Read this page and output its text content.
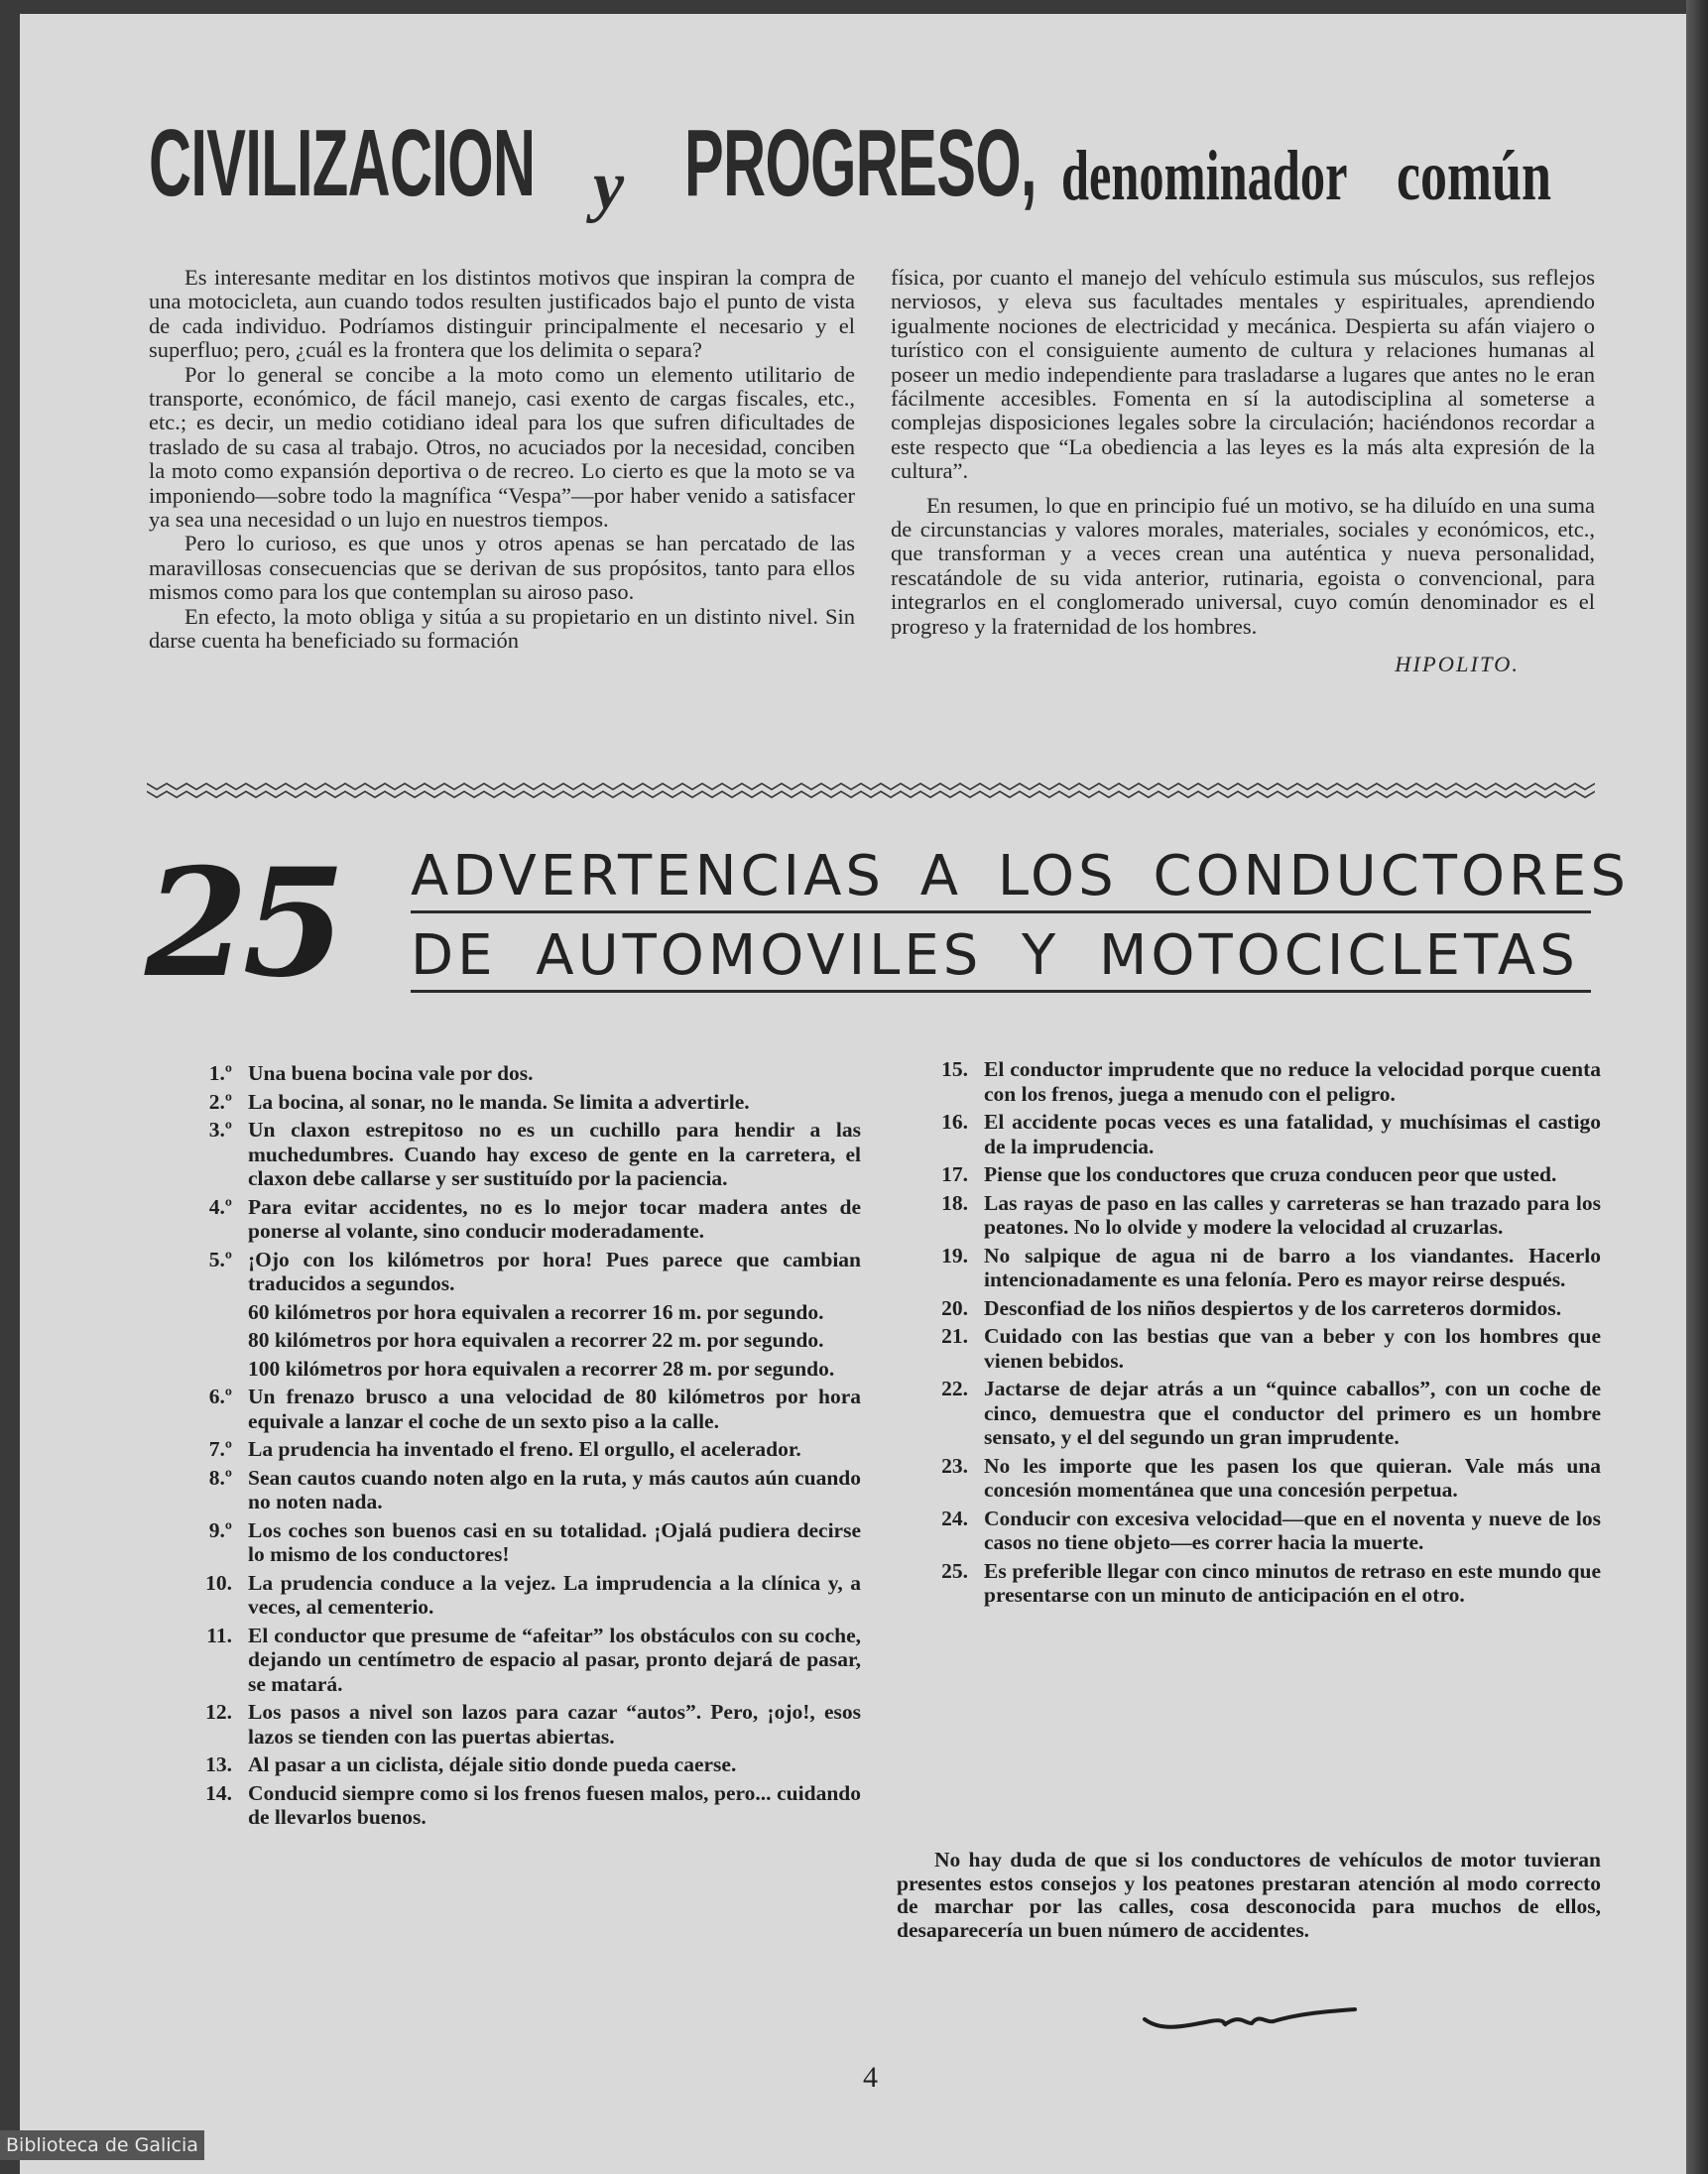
CIVILIZACION y PROGRESO, denominador común

Es interesante meditar en los distintos motivos que inspiran la compra de una motocicleta, aun cuando todos resulten justificados bajo el punto de vista de cada individuo. Podríamos distinguir principalmente el necesario y el superfluo; pero, ¿cuál es la frontera que los delimita o separa?

Por lo general se concibe a la moto como un elemento utilitario de transporte, económico, de fácil manejo, casi exento de cargas fiscales, etc., etc.; es decir, un medio cotidiano ideal para los que sufren dificultades de traslado de su casa al trabajo. Otros, no acuciados por la necesidad, conciben la moto como expansión deportiva o de recreo. Lo cierto es que la moto se va imponiendo—sobre todo la magnífica “Vespa”—por haber venido a satisfacer ya sea una necesidad o un lujo en nuestros tiempos.

Pero lo curioso, es que unos y otros apenas se han percatado de las maravillosas consecuencias que se derivan de sus propósitos, tanto para ellos mismos como para los que contemplan su airoso paso.

En efecto, la moto obliga y sitúa a su propietario en un distinto nivel. Sin darse cuenta ha beneficiado su formación

física, por cuanto el manejo del vehículo estimula sus músculos, sus reflejos nerviosos, y eleva sus facultades mentales y espirituales, aprendiendo igualmente nociones de electricidad y mecánica. Despierta su afán viajero o turístico con el consiguiente aumento de cultura y relaciones humanas al poseer un medio independiente para trasladarse a lugares que antes no le eran fácilmente accesibles. Fomenta en sí la autodisciplina al someterse a complejas disposiciones legales sobre la circulación; haciéndonos recordar a este respecto que “La obediencia a las leyes es la más alta expresión de la cultura”.

En resumen, lo que en principio fué un motivo, se ha diluído en una suma de circunstancias y valores morales, materiales, sociales y económicos, etc., que transforman y a veces crean una auténtica y nueva personalidad, rescatándole de su vida anterior, rutinaria, egoista o convencional, para integrarlos en el conglomerado universal, cuyo común denominador es el progreso y la fraternidad de los hombres.

HIPOLITO.
25 ADVERTENCIAS A LOS CONDUCTORES
DE AUTOMOVILES Y MOTOCICLETAS
1.º Una buena bocina vale por dos.
2.º La bocina, al sonar, no le manda. Se limita a advertirle.
3.º Un claxon estrepitoso no es un cuchillo para hendir a las muchedumbres. Cuando hay exceso de gente en la carretera, el claxon debe callarse y ser sustituído por la paciencia.
4.º Para evitar accidentes, no es lo mejor tocar madera antes de ponerse al volante, sino conducir moderadamente.
5.º ¡Ojo con los kilómetros por hora! Pues parece que cambian traducidos a segundos.
60 kilómetros por hora equivalen a recorrer 16 m. por segundo.
80 kilómetros por hora equivalen a recorrer 22 m. por segundo.
100 kilómetros por hora equivalen a recorrer 28 m. por segundo.
6.º Un frenazo brusco a una velocidad de 80 kilómetros por hora equivale a lanzar el coche de un sexto piso a la calle.
7.º La prudencia ha inventado el freno. El orgullo, el acelerador.
8.º Sean cautos cuando noten algo en la ruta, y más cautos aún cuando no noten nada.
9.º Los coches son buenos casi en su totalidad. ¡Ojalá pudiera decirse lo mismo de los conductores!
10. La prudencia conduce a la vejez. La imprudencia a la clínica y, a veces, al cementerio.
11. El conductor que presume de “afeitar” los obstáculos con su coche, dejando un centímetro de espacio al pasar, pronto dejará de pasar, se matará.
12. Los pasos a nivel son lazos para cazar “autos”. Pero, ¡ojo!, esos lazos se tienden con las puertas abiertas.
13. Al pasar a un ciclista, déjale sitio donde pueda caerse.
14. Conducid siempre como si los frenos fuesen malos, pero... cuidando de llevarlos buenos.
15. El conductor imprudente que no reduce la velocidad porque cuenta con los frenos, juega a menudo con el peligro.
16. El accidente pocas veces es una fatalidad, y muchísimas el castigo de la imprudencia.
17. Piense que los conductores que cruza conducen peor que usted.
18. Las rayas de paso en las calles y carreteras se han trazado para los peatones. No lo olvide y modere la velocidad al cruzarlas.
19. No salpique de agua ni de barro a los viandantes. Hacerlo intencionadamente es una felonía. Pero es mayor reirse después.
20. Desconfiad de los niños despiertos y de los carreteros dormidos.
21. Cuidado con las bestias que van a beber y con los hombres que vienen bebidos.
22. Jactarse de dejar atrás a un “quince caballos”, con un coche de cinco, demuestra que el conductor del primero es un hombre sensato, y el del segundo un gran imprudente.
23. No les importe que les pasen los que quieran. Vale más una concesión momentánea que una concesión perpetua.
24. Conducir con excesiva velocidad—que en el noventa y nueve de los casos no tiene objeto—es correr hacia la muerte.
25. Es preferible llegar con cinco minutos de retraso en este mundo que presentarse con un minuto de anticipación en el otro.
No hay duda de que si los conductores de vehículos de motor tuvieran presentes estos consejos y los peatones prestaran atención al modo correcto de marchar por las calles, cosa desconocida para muchos de ellos, desaparecería un buen número de accidentes.
4
Biblioteca de Galicia
